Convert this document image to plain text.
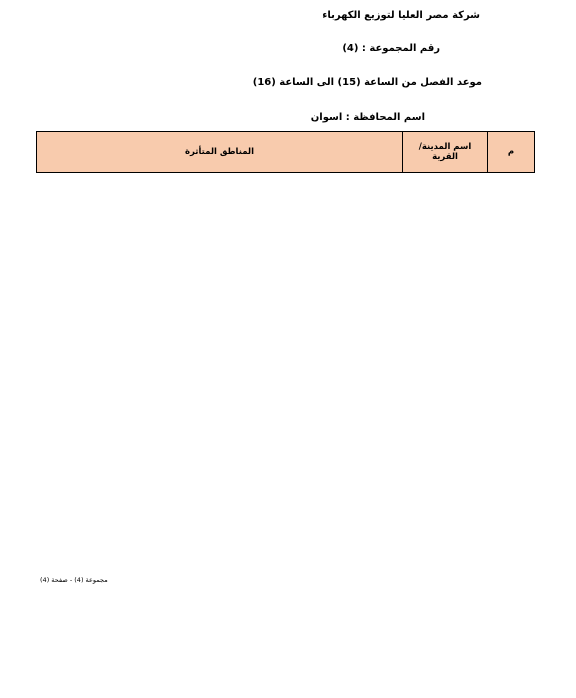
شركة مصر العليا لتوزيع الكهرباء
رقم المجموعة : (4)
موعد الفصل من الساعة (15) الى الساعة (16)
اسم المحافظة : اسوان
م	اسم المدينة/ القرية	المناطق المتأثرة
مجموعة (4) - صفحة (4)
